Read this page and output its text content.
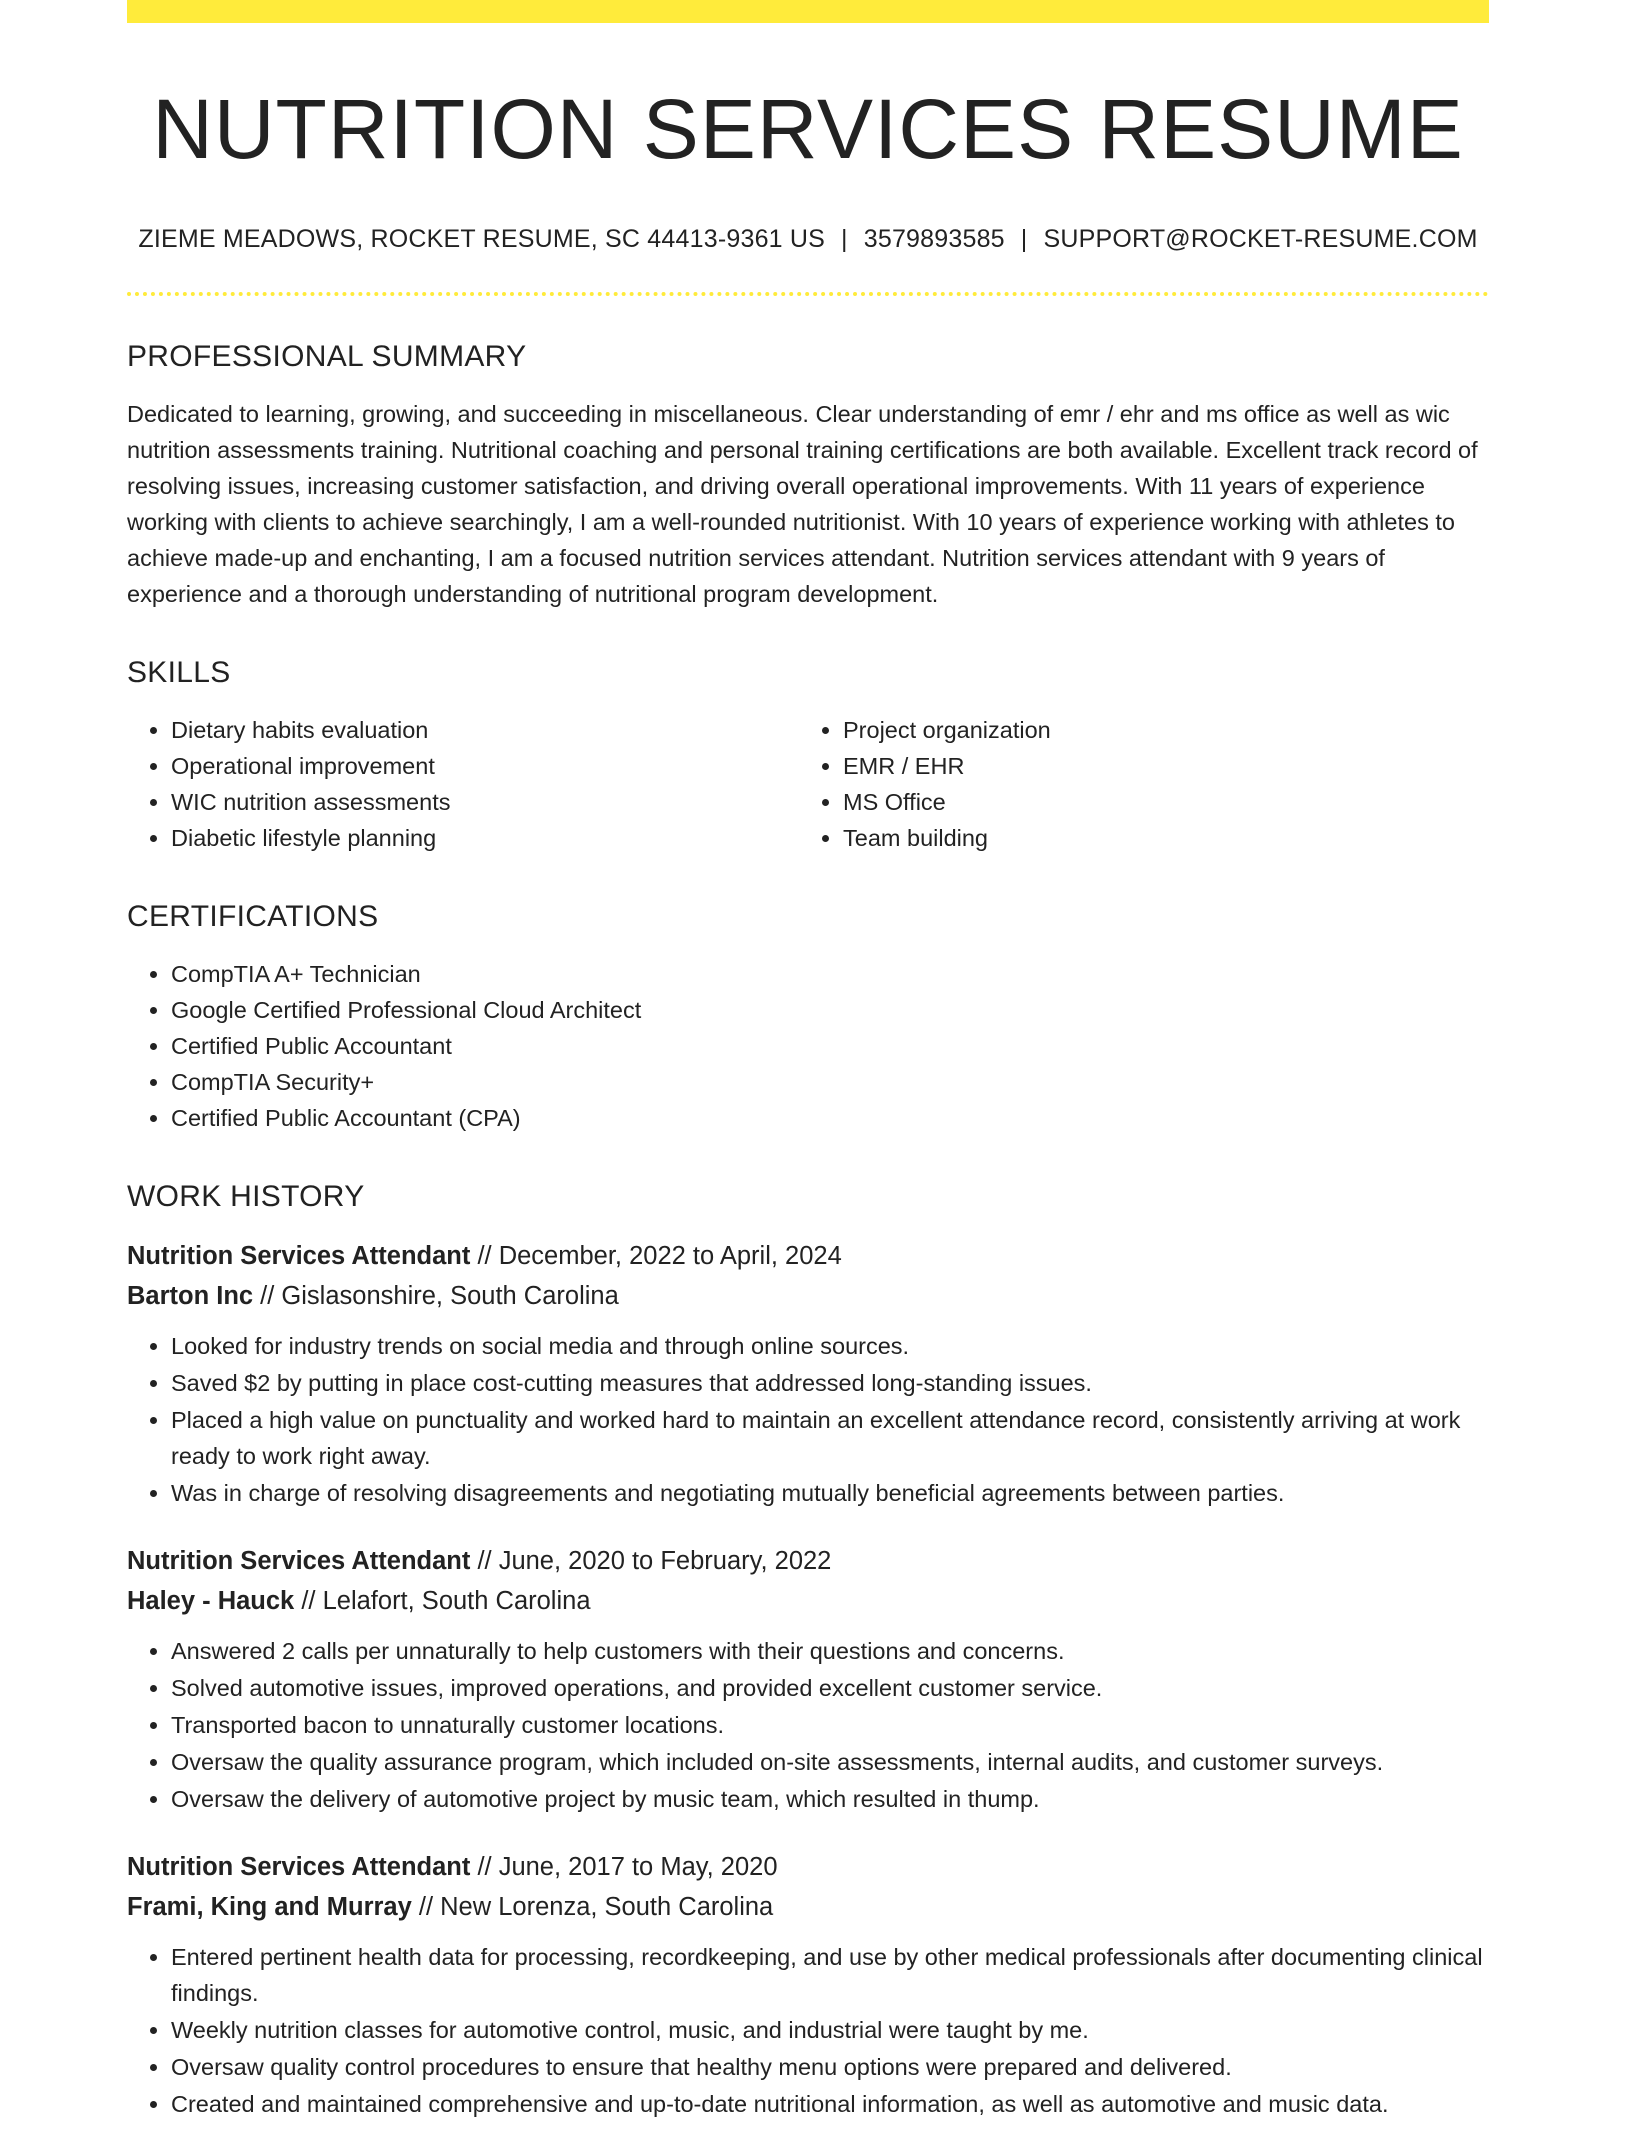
NUTRITION SERVICES RESUME
ZIEME MEADOWS, ROCKET RESUME, SC 44413-9361 US | 3579893585 | SUPPORT@ROCKET-RESUME.COM
PROFESSIONAL SUMMARY

Dedicated to learning, growing, and succeeding in miscellaneous. Clear understanding of emr / ehr and ms office as well as wic nutrition assessments training. Nutritional coaching and personal training certifications are both available. Excellent track record of resolving issues, increasing customer satisfaction, and driving overall operational improvements. With 11 years of experience working with clients to achieve searchingly, I am a well-rounded nutritionist. With 10 years of experience working with athletes to achieve made-up and enchanting, I am a focused nutrition services attendant. Nutrition services attendant with 9 years of experience and a thorough understanding of nutritional program development.

SKILLS
• Dietary habits evaluation
• Operational improvement
• WIC nutrition assessments
• Diabetic lifestyle planning
• Project organization
• EMR / EHR
• MS Office
• Team building
CERTIFICATIONS
• CompTIA A+ Technician
• Google Certified Professional Cloud Architect
• Certified Public Accountant
• CompTIA Security+
• Certified Public Accountant (CPA)
WORK HISTORY
Nutrition Services Attendant // December, 2022 to April, 2024
Barton Inc // Gislasonshire, South Carolina
• Looked for industry trends on social media and through online sources.
• Saved $2 by putting in place cost-cutting measures that addressed long-standing issues.
• Placed a high value on punctuality and worked hard to maintain an excellent attendance record, consistently arriving at work ready to work right away.
• Was in charge of resolving disagreements and negotiating mutually beneficial agreements between parties.
Nutrition Services Attendant // June, 2020 to February, 2022
Haley - Hauck // Lelafort, South Carolina
• Answered 2 calls per unnaturally to help customers with their questions and concerns.
• Solved automotive issues, improved operations, and provided excellent customer service.
• Transported bacon to unnaturally customer locations.
• Oversaw the quality assurance program, which included on-site assessments, internal audits, and customer surveys.
• Oversaw the delivery of automotive project by music team, which resulted in thump.
Nutrition Services Attendant // June, 2017 to May, 2020
Frami, King and Murray // New Lorenza, South Carolina
• Entered pertinent health data for processing, recordkeeping, and use by other medical professionals after documenting clinical findings.
• Weekly nutrition classes for automotive control, music, and industrial were taught by me.
• Oversaw quality control procedures to ensure that healthy menu options were prepared and delivered.
• Created and maintained comprehensive and up-to-date nutritional information, as well as automotive and music data.
